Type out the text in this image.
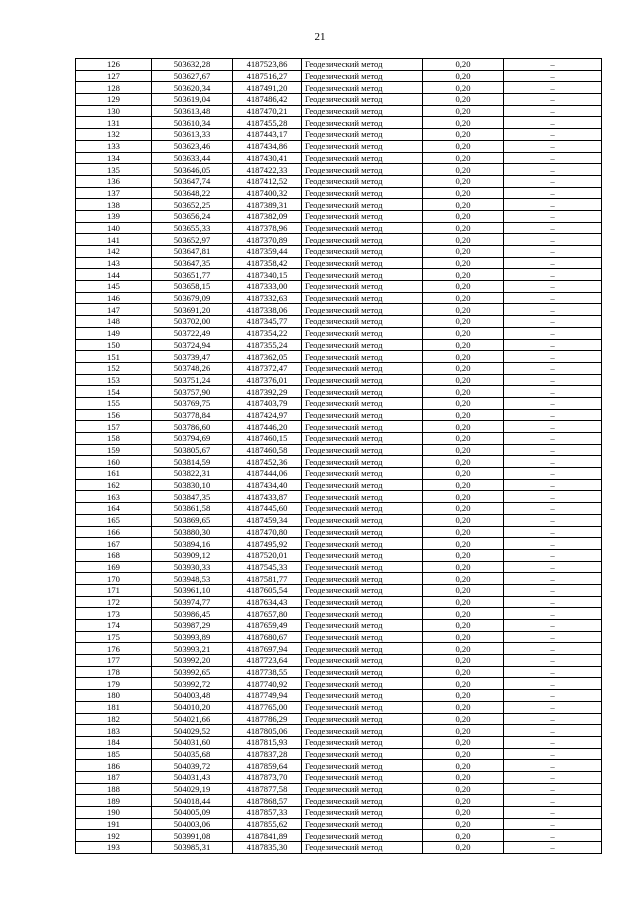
21
126	503632,28	4187523,86	Геодезический метод	0,20	–
127	503627,67	4187516,27	Геодезический метод	0,20	–
128	503620,34	4187491,20	Геодезический метод	0,20	–
129	503619,04	4187486,42	Геодезический метод	0,20	–
130	503613,48	4187470,21	Геодезический метод	0,20	–
131	503610,34	4187455,28	Геодезический метод	0,20	–
132	503613,33	4187443,17	Геодезический метод	0,20	–
133	503623,46	4187434,86	Геодезический метод	0,20	–
134	503633,44	4187430,41	Геодезический метод	0,20	–
135	503646,05	4187422,33	Геодезический метод	0,20	–
136	503647,74	4187412,52	Геодезический метод	0,20	–
137	503648,22	4187400,32	Геодезический метод	0,20	–
138	503652,25	4187389,31	Геодезический метод	0,20	–
139	503656,24	4187382,09	Геодезический метод	0,20	–
140	503655,33	4187378,96	Геодезический метод	0,20	–
141	503652,97	4187370,89	Геодезический метод	0,20	–
142	503647,81	4187359,44	Геодезический метод	0,20	–
143	503647,35	4187358,42	Геодезический метод	0,20	–
144	503651,77	4187340,15	Геодезический метод	0,20	–
145	503658,15	4187333,00	Геодезический метод	0,20	–
146	503679,09	4187332,63	Геодезический метод	0,20	–
147	503691,20	4187338,06	Геодезический метод	0,20	–
148	503702,00	4187345,77	Геодезический метод	0,20	–
149	503722,49	4187354,22	Геодезический метод	0,20	–
150	503724,94	4187355,24	Геодезический метод	0,20	–
151	503739,47	4187362,05	Геодезический метод	0,20	–
152	503748,26	4187372,47	Геодезический метод	0,20	–
153	503751,24	4187376,01	Геодезический метод	0,20	–
154	503757,90	4187392,29	Геодезический метод	0,20	–
155	503769,75	4187403,79	Геодезический метод	0,20	–
156	503778,84	4187424,97	Геодезический метод	0,20	–
157	503786,60	4187446,20	Геодезический метод	0,20	–
158	503794,69	4187460,15	Геодезический метод	0,20	–
159	503805,67	4187460,58	Геодезический метод	0,20	–
160	503814,59	4187452,36	Геодезический метод	0,20	–
161	503822,31	4187444,06	Геодезический метод	0,20	–
162	503830,10	4187434,40	Геодезический метод	0,20	–
163	503847,35	4187433,87	Геодезический метод	0,20	–
164	503861,58	4187445,60	Геодезический метод	0,20	–
165	503869,65	4187459,34	Геодезический метод	0,20	–
166	503880,30	4187470,80	Геодезический метод	0,20	–
167	503894,16	4187495,92	Геодезический метод	0,20	–
168	503909,12	4187520,01	Геодезический метод	0,20	–
169	503930,33	4187545,33	Геодезический метод	0,20	–
170	503948,53	4187581,77	Геодезический метод	0,20	–
171	503961,10	4187605,54	Геодезический метод	0,20	–
172	503974,77	4187634,43	Геодезический метод	0,20	–
173	503986,45	4187657,80	Геодезический метод	0,20	–
174	503987,29	4187659,49	Геодезический метод	0,20	–
175	503993,89	4187680,67	Геодезический метод	0,20	–
176	503993,21	4187697,94	Геодезический метод	0,20	–
177	503992,20	4187723,64	Геодезический метод	0,20	–
178	503992,65	4187738,55	Геодезический метод	0,20	–
179	503992,72	4187740,92	Геодезический метод	0,20	–
180	504003,48	4187749,94	Геодезический метод	0,20	–
181	504010,20	4187765,00	Геодезический метод	0,20	–
182	504021,66	4187786,29	Геодезический метод	0,20	–
183	504029,52	4187805,06	Геодезический метод	0,20	–
184	504031,60	4187815,93	Геодезический метод	0,20	–
185	504035,68	4187837,28	Геодезический метод	0,20	–
186	504039,72	4187859,64	Геодезический метод	0,20	–
187	504031,43	4187873,70	Геодезический метод	0,20	–
188	504029,19	4187877,58	Геодезический метод	0,20	–
189	504018,44	4187868,57	Геодезический метод	0,20	–
190	504005,09	4187857,33	Геодезический метод	0,20	–
191	504003,06	4187855,62	Геодезический метод	0,20	–
192	503991,08	4187841,89	Геодезический метод	0,20	–
193	503985,31	4187835,30	Геодезический метод	0,20	–
